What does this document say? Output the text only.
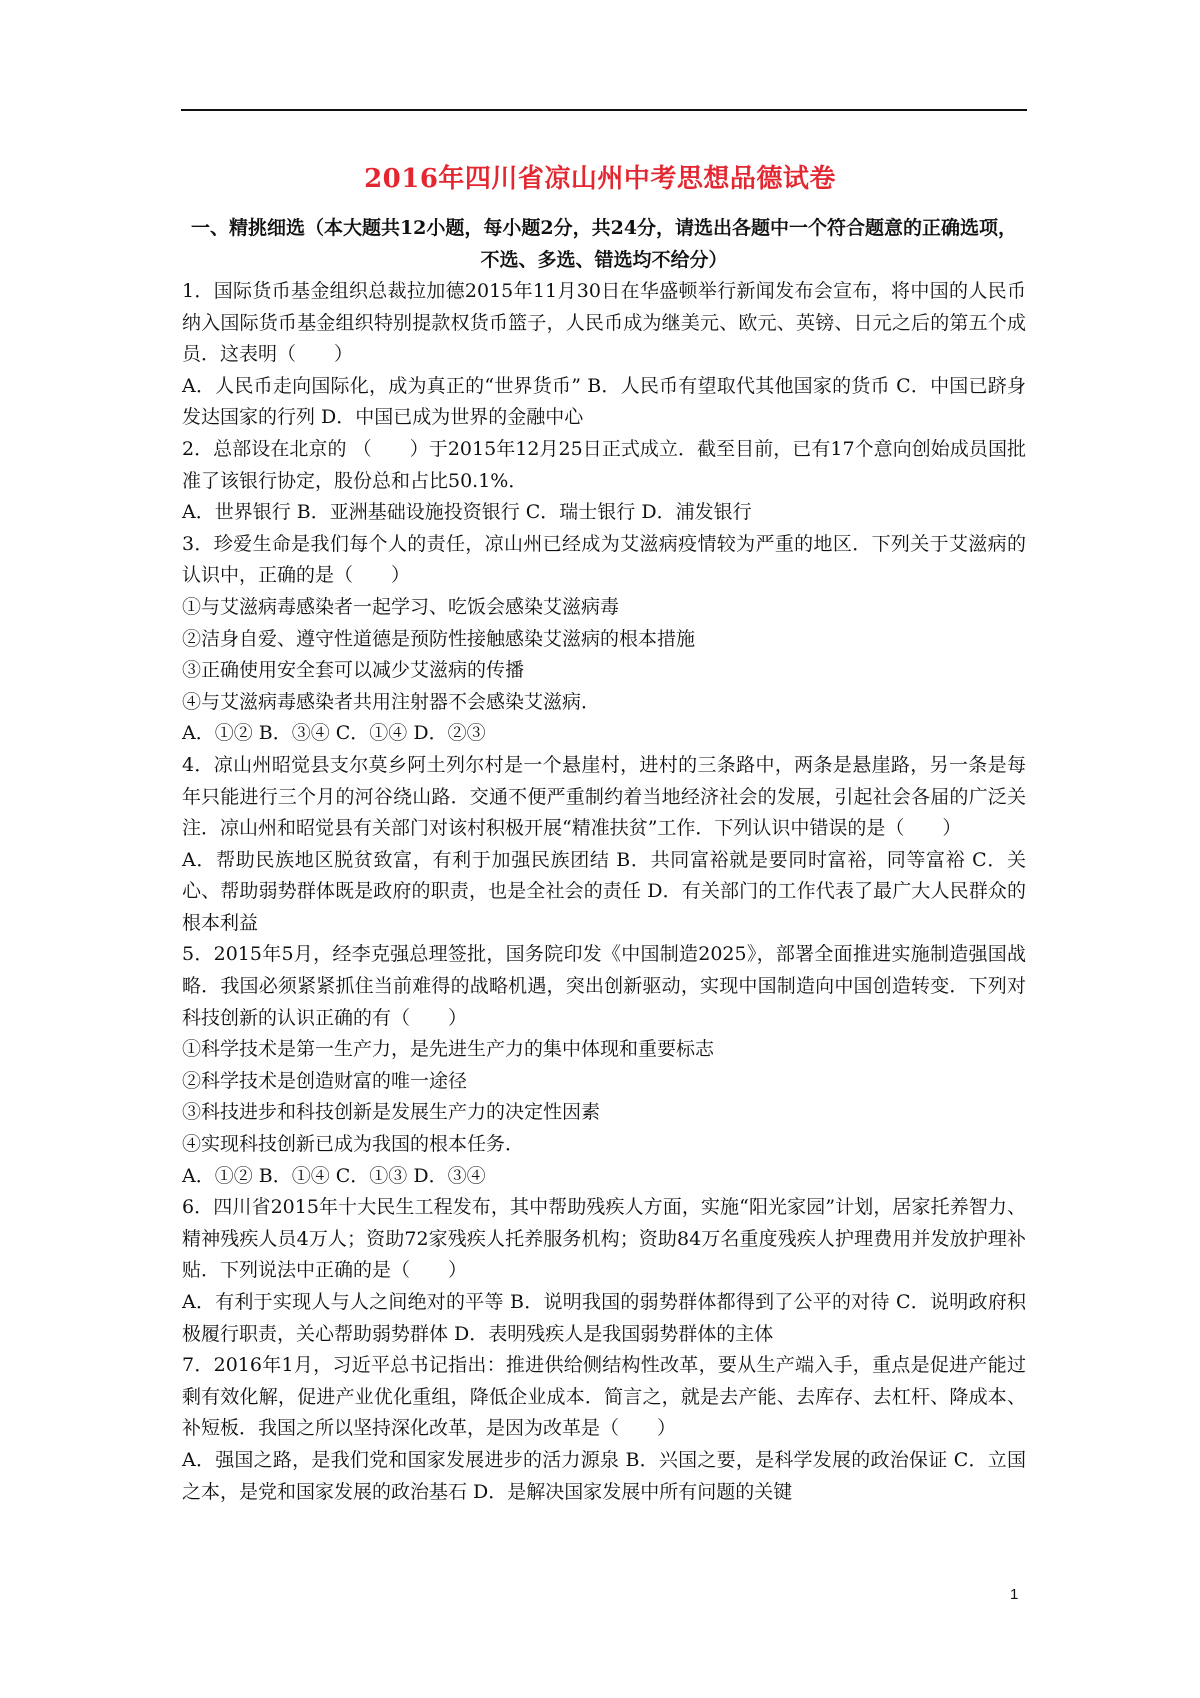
2016年四川省凉山州中考思想品德试卷
一、精挑细选（本大题共12小题，每小题2分，共24分，请选出各题中一个符合题意的正确选项，不选、多选、错选均不给分）

1．国际货币基金组织总裁拉加德2015年11月30日在华盛顿举行新闻发布会宣布，将中国的人民币纳入国际货币基金组织特别提款权货币篮子，人民币成为继美元、欧元、英镑、日元之后的第五个成员．这表明（　　）

A．人民币走向国际化，成为真正的“世界货币” B．人民币有望取代其他国家的货币 C．中国已跻身发达国家的行列 D．中国已成为世界的金融中心

2．总部设在北京的 （　　）于2015年12月25日正式成立．截至目前，已有17个意向创始成员国批准了该银行协定，股份总和占比50.1%．

A．世界银行 B．亚洲基础设施投资银行 C．瑞士银行 D．浦发银行

3．珍爱生命是我们每个人的责任，凉山州已经成为艾滋病疫情较为严重的地区．下列关于艾滋病的认识中，正确的是（　　）

①与艾滋病毒感染者一起学习、吃饭会感染艾滋病毒

②洁身自爱、遵守性道德是预防性接触感染艾滋病的根本措施

③正确使用安全套可以减少艾滋病的传播

④与艾滋病毒感染者共用注射器不会感染艾滋病．

A．①② B．③④ C．①④ D．②③

4．凉山州昭觉县支尔莫乡阿土列尔村是一个悬崖村，进村的三条路中，两条是悬崖路，另一条是每年只能进行三个月的河谷绕山路．交通不便严重制约着当地经济社会的发展，引起社会各届的广泛关注．凉山州和昭觉县有关部门对该村积极开展“精准扶贫”工作．下列认识中错误的是（　　）

A．帮助民族地区脱贫致富，有利于加强民族团结 B．共同富裕就是要同时富裕，同等富裕 C．关心、帮助弱势群体既是政府的职责，也是全社会的责任 D．有关部门的工作代表了最广大人民群众的根本利益

5．2015年5月，经李克强总理签批，国务院印发《中国制造2025》，部署全面推进实施制造强国战略．我国必须紧紧抓住当前难得的战略机遇，突出创新驱动，实现中国制造向中国创造转变．下列对科技创新的认识正确的有（　　）

①科学技术是第一生产力，是先进生产力的集中体现和重要标志

②科学技术是创造财富的唯一途径

③科技进步和科技创新是发展生产力的决定性因素

④实现科技创新已成为我国的根本任务．

A．①② B．①④ C．①③ D．③④

6．四川省2015年十大民生工程发布，其中帮助残疾人方面，实施“阳光家园”计划，居家托养智力、精神残疾人员4万人；资助72家残疾人托养服务机构；资助84万名重度残疾人护理费用并发放护理补贴．下列说法中正确的是（　　）

A．有利于实现人与人之间绝对的平等 B．说明我国的弱势群体都得到了公平的对待 C．说明政府积极履行职责，关心帮助弱势群体 D．表明残疾人是我国弱势群体的主体

7．2016年1月，习近平总书记指出：推进供给侧结构性改革，要从生产端入手，重点是促进产能过剩有效化解，促进产业优化重组，降低企业成本．简言之，就是去产能、去库存、去杠杆、降成本、补短板．我国之所以坚持深化改革，是因为改革是（　　）

A．强国之路，是我们党和国家发展进步的活力源泉 B．兴国之要，是科学发展的政治保证 C．立国之本，是党和国家发展的政治基石 D．是解决国家发展中所有问题的关键

1
